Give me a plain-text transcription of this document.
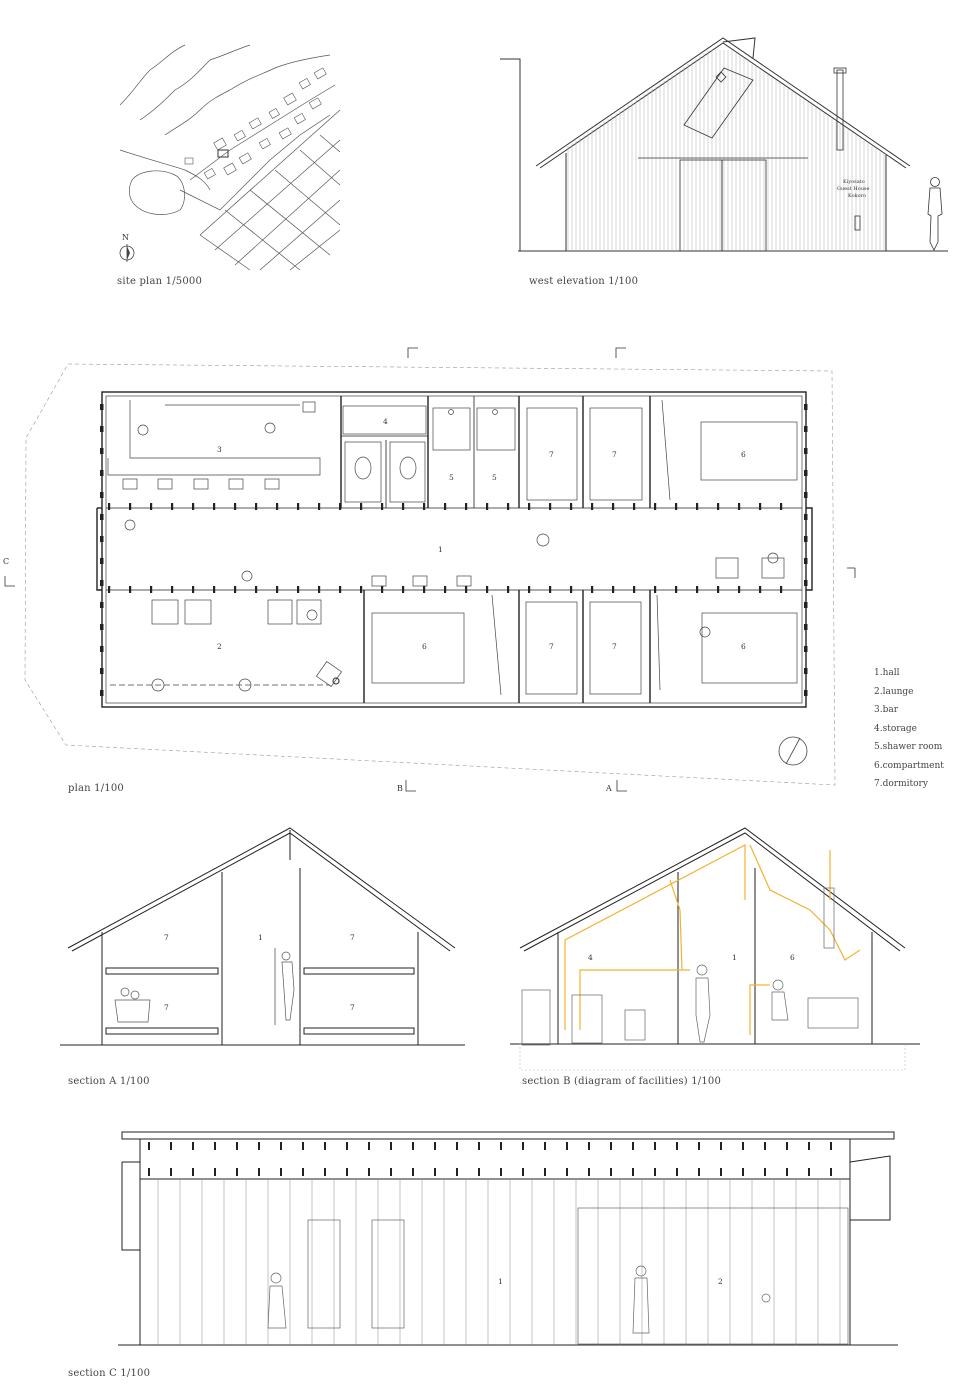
N
site plan 1/5000
Kiyosato
Guest House
Kokoro
west elevation 1/100
1
2
3
4
5	5
6
6	6
7	7
7	7
C
B	A
plan 1/100
1.hall
2.launge
3.bar
4.storage
5.shawer room
6.compartment
7.dormitory
1
7	7
7	7
section A 1/100
4	1	6
section B (diagram of facilities) 1/100
1	2
section C 1/100
